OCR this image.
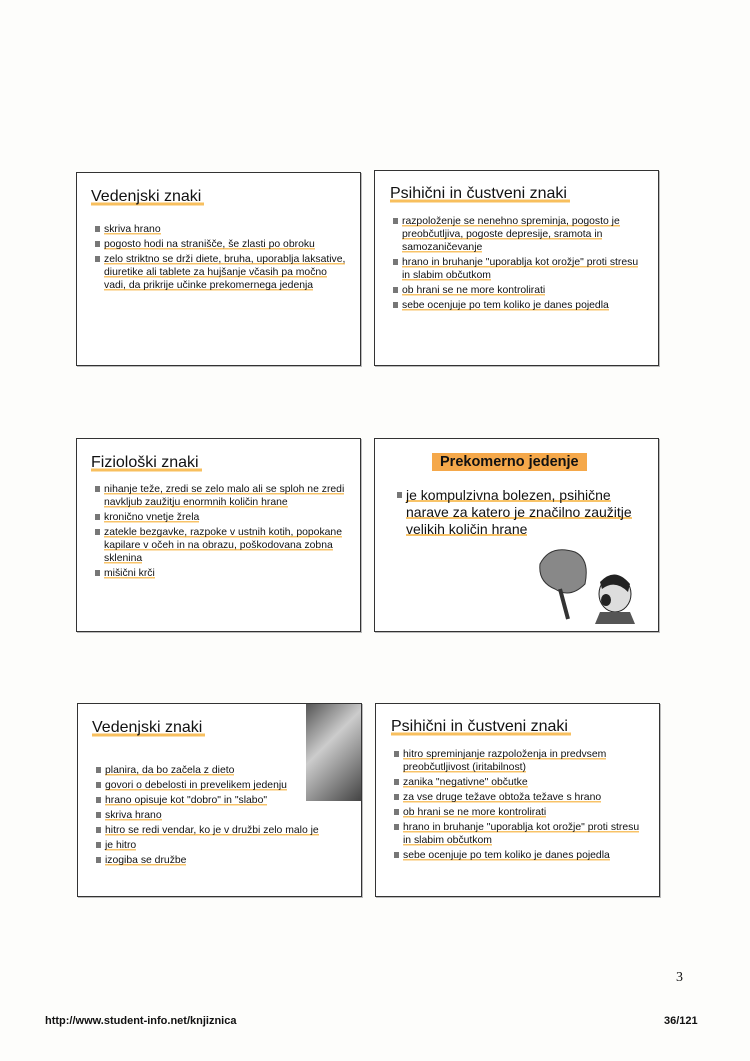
Vedenjski znaki
skriva hrano
pogosto hodi na stranišče, še zlasti po obroku
zelo striktno se drži diete, bruha, uporablja laksative, diuretike ali tablete za hujšanje včasih pa močno vadi, da prikrije učinke prekomernega jedenja
Psihični in čustveni znaki
razpoloženje se nenehno spreminja, pogosto je preobčutljiva, pogoste depresije, sramota in samozaničevanje
hrano in bruhanje "uporablja kot orožje" proti stresu in slabim občutkom
ob hrani se ne more kontrolirati
sebe ocenjuje po tem koliko je danes pojedla
Fiziološki znaki
nihanje teže, zredi se zelo malo ali se sploh ne zredi navkljub zaužitju enormnih količin hrane
kronično vnetje žrela
zatekle bezgavke, razpoke v ustnih kotih, popokane kapilare v očeh in na obrazu, poškodovana zobna sklenina
mišični krči
Prekomerno jedenje
je kompulzivna bolezen, psihične narave za katero je značilno zaužitje velikih količin hrane
Vedenjski znaki
planira, da bo začela z dieto
govori o debelosti in prevelikem jedenju
hrano opisuje kot "dobro" in "slabo"
skriva hrano
hitro se redi vendar, ko je v družbi zelo malo je
je hitro
izogiba se družbe
Psihični in čustveni znaki
hitro spreminjanje razpoloženja in predvsem preobčutljivost (iritabilnost)
zanika "negativne" občutke
za vse druge težave obtoža težave s hrano
ob hrani se ne more kontrolirati
hrano in bruhanje "uporablja kot orožje" proti stresu in slabim občutkom
sebe ocenjuje po tem koliko je danes pojedla
3
http://www.student-info.net/knjiznica	36/121
